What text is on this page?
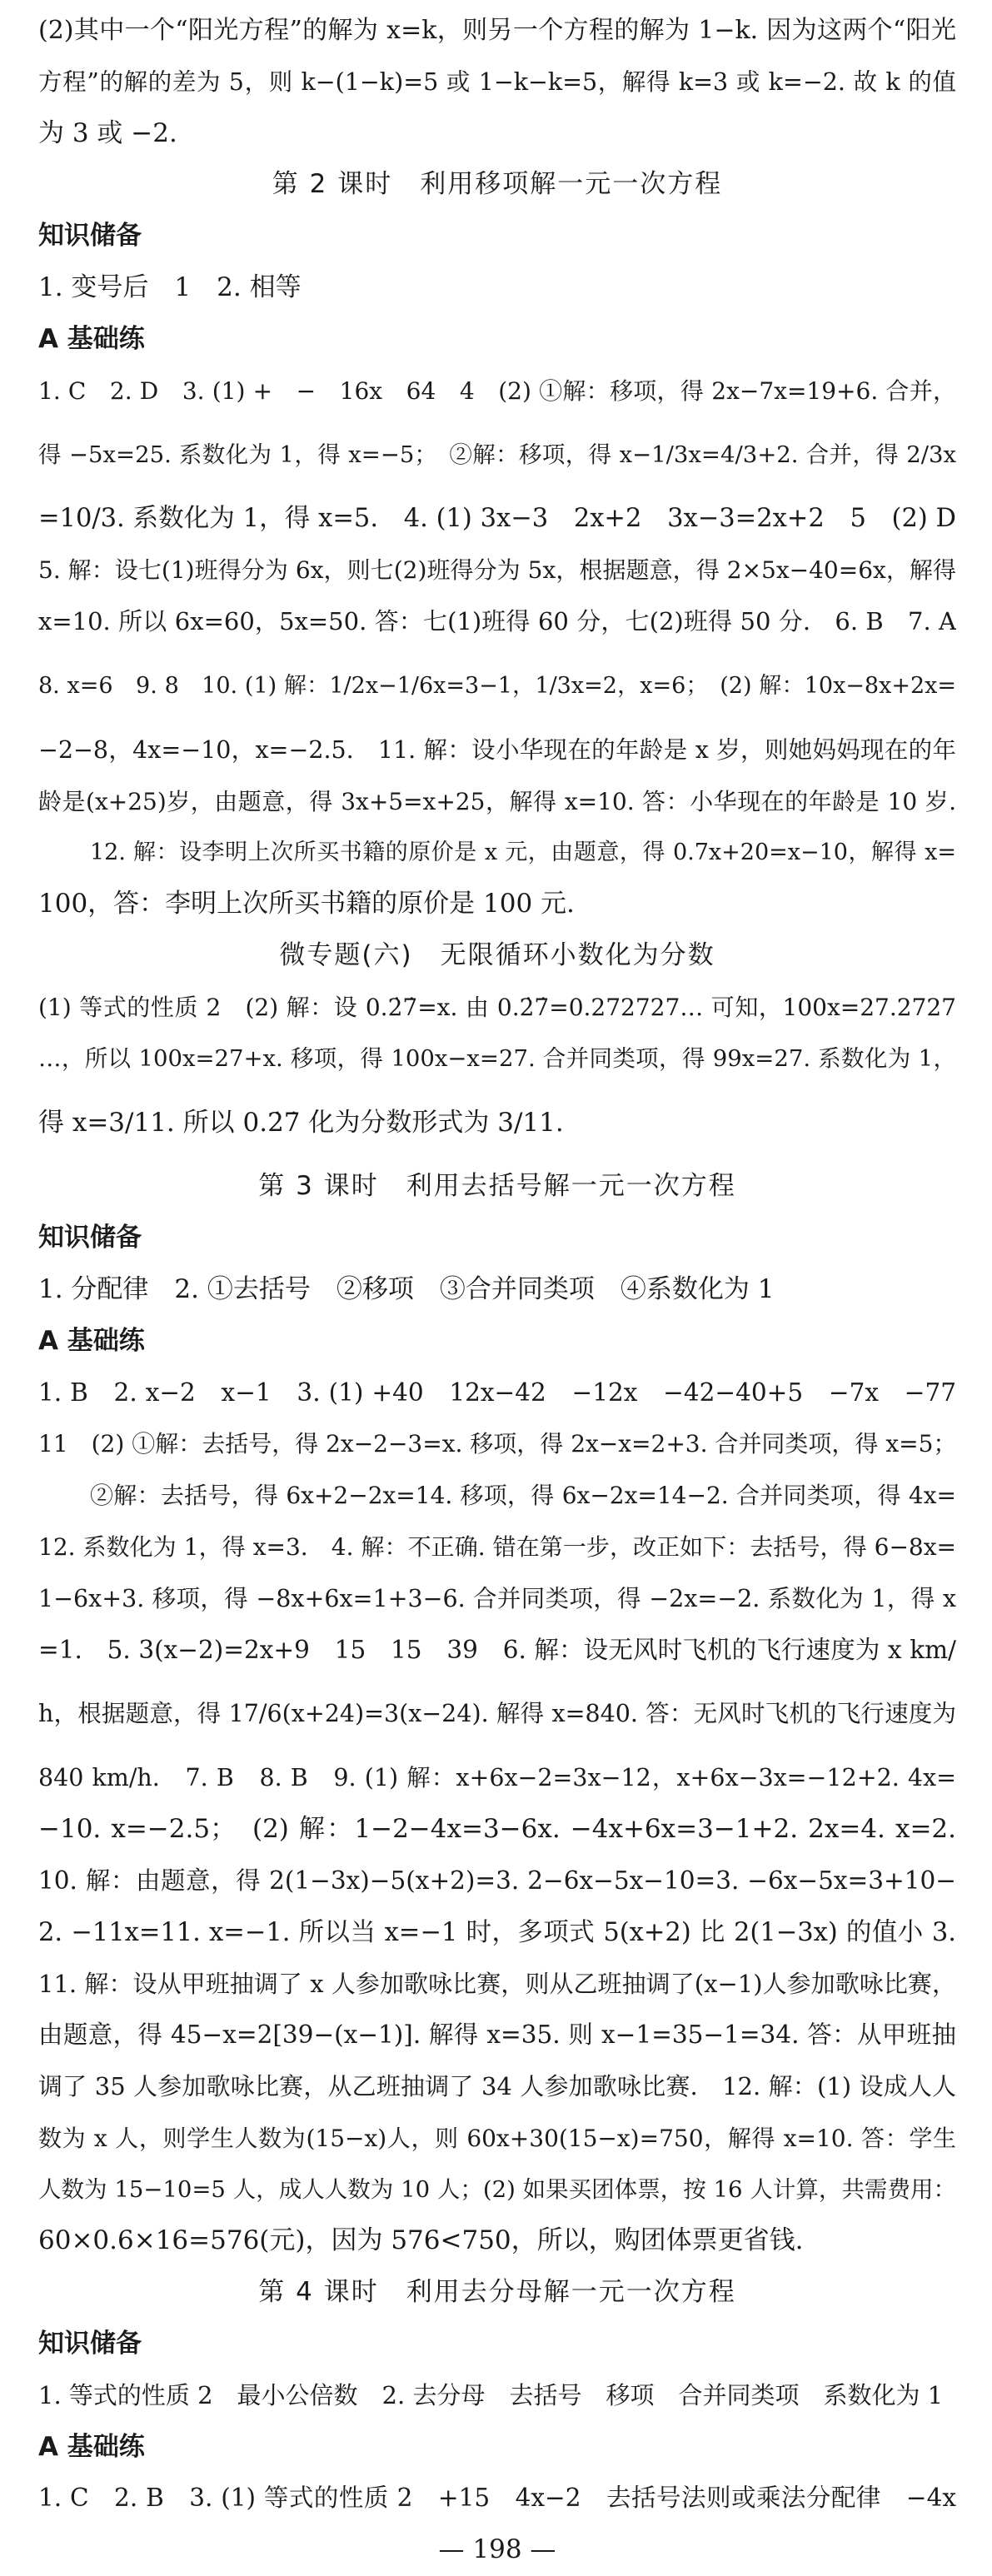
(2)其中一个“阳光方程”的解为 x=k，则另一个方程的解为 1−k. 因为这两个“阳光
方程”的解的差为 5，则 k−(1−k)=5 或 1−k−k=5，解得 k=3 或 k=−2. 故 k 的值
为 3 或 −2.
第 2 课时　利用移项解一元一次方程
知识储备
1. 变号后　1　2. 相等
A 基础练
1. C　2. D　3. (1) +　−　16x　64　4　(2) ①解：移项，得 2x−7x=19+6. 合并，
得 −5x=25. 系数化为 1，得 x=−5；　②解：移项，得 x−1/3x=4/3+2. 合并，得 2/3x
=10/3. 系数化为 1，得 x=5.　4. (1) 3x−3　2x+2　3x−3=2x+2　5　(2) D
5. 解：设七(1)班得分为 6x，则七(2)班得分为 5x，根据题意，得 2×5x−40=6x，解得
x=10. 所以 6x=60，5x=50. 答：七(1)班得 60 分，七(2)班得 50 分.　6. B　7. A
8. x=6　9. 8　10. (1) 解：1/2x−1/6x=3−1，1/3x=2，x=6；　(2) 解：10x−8x+2x=
−2−8，4x=−10，x=−2.5.　11. 解：设小华现在的年龄是 x 岁，则她妈妈现在的年
龄是(x+25)岁，由题意，得 3x+5=x+25，解得 x=10. 答：小华现在的年龄是 10 岁.
12. 解：设李明上次所买书籍的原价是 x 元，由题意，得 0.7x+20=x−10，解得 x=
100，答：李明上次所买书籍的原价是 100 元.
微专题(六)　无限循环小数化为分数
(1) 等式的性质 2　(2) 解：设 0.2̇7̇=x. 由 0.2̇7̇=0.272727… 可知，100x=27.2727
…，所以 100x=27+x. 移项，得 100x−x=27. 合并同类项，得 99x=27. 系数化为 1，
得 x=3/11. 所以 0.2̇7̇ 化为分数形式为 3/11.
第 3 课时　利用去括号解一元一次方程
知识储备
1. 分配律　2. ①去括号　②移项　③合并同类项　④系数化为 1
A 基础练
1. B　2. x−2　x−1　3. (1) +40　12x−42　−12x　−42−40+5　−7x　−77
11　(2) ①解：去括号，得 2x−2−3=x. 移项，得 2x−x=2+3. 合并同类项，得 x=5；
②解：去括号，得 6x+2−2x=14. 移项，得 6x−2x=14−2. 合并同类项，得 4x=
12. 系数化为 1，得 x=3.　4. 解：不正确. 错在第一步，改正如下：去括号，得 6−8x=
1−6x+3. 移项，得 −8x+6x=1+3−6. 合并同类项，得 −2x=−2. 系数化为 1，得 x
=1.　5. 3(x−2)=2x+9　15　15　39　6. 解：设无风时飞机的飞行速度为 x km/
h，根据题意，得 17/6(x+24)=3(x−24). 解得 x=840. 答：无风时飞机的飞行速度为
840 km/h.　7. B　8. B　9. (1) 解：x+6x−2=3x−12，x+6x−3x=−12+2. 4x=
−10. x=−2.5；　(2) 解：1−2−4x=3−6x. −4x+6x=3−1+2. 2x=4. x=2.
10. 解：由题意，得 2(1−3x)−5(x+2)=3. 2−6x−5x−10=3. −6x−5x=3+10−
2. −11x=11. x=−1. 所以当 x=−1 时，多项式 5(x+2) 比 2(1−3x) 的值小 3.
11. 解：设从甲班抽调了 x 人参加歌咏比赛，则从乙班抽调了(x−1)人参加歌咏比赛，
由题意，得 45−x=2[39−(x−1)]. 解得 x=35. 则 x−1=35−1=34. 答：从甲班抽
调了 35 人参加歌咏比赛，从乙班抽调了 34 人参加歌咏比赛.　12. 解：(1) 设成人人
数为 x 人，则学生人数为(15−x)人，则 60x+30(15−x)=750，解得 x=10. 答：学生
人数为 15−10=5 人，成人人数为 10 人；(2) 如果买团体票，按 16 人计算，共需费用：
60×0.6×16=576(元)，因为 576<750，所以，购团体票更省钱.
第 4 课时　利用去分母解一元一次方程
知识储备
1. 等式的性质 2　最小公倍数　2. 去分母　去括号　移项　合并同类项　系数化为 1
A 基础练
1. C　2. B　3. (1) 等式的性质 2　+15　4x−2　去括号法则或乘法分配律　−4x
— 198 —
